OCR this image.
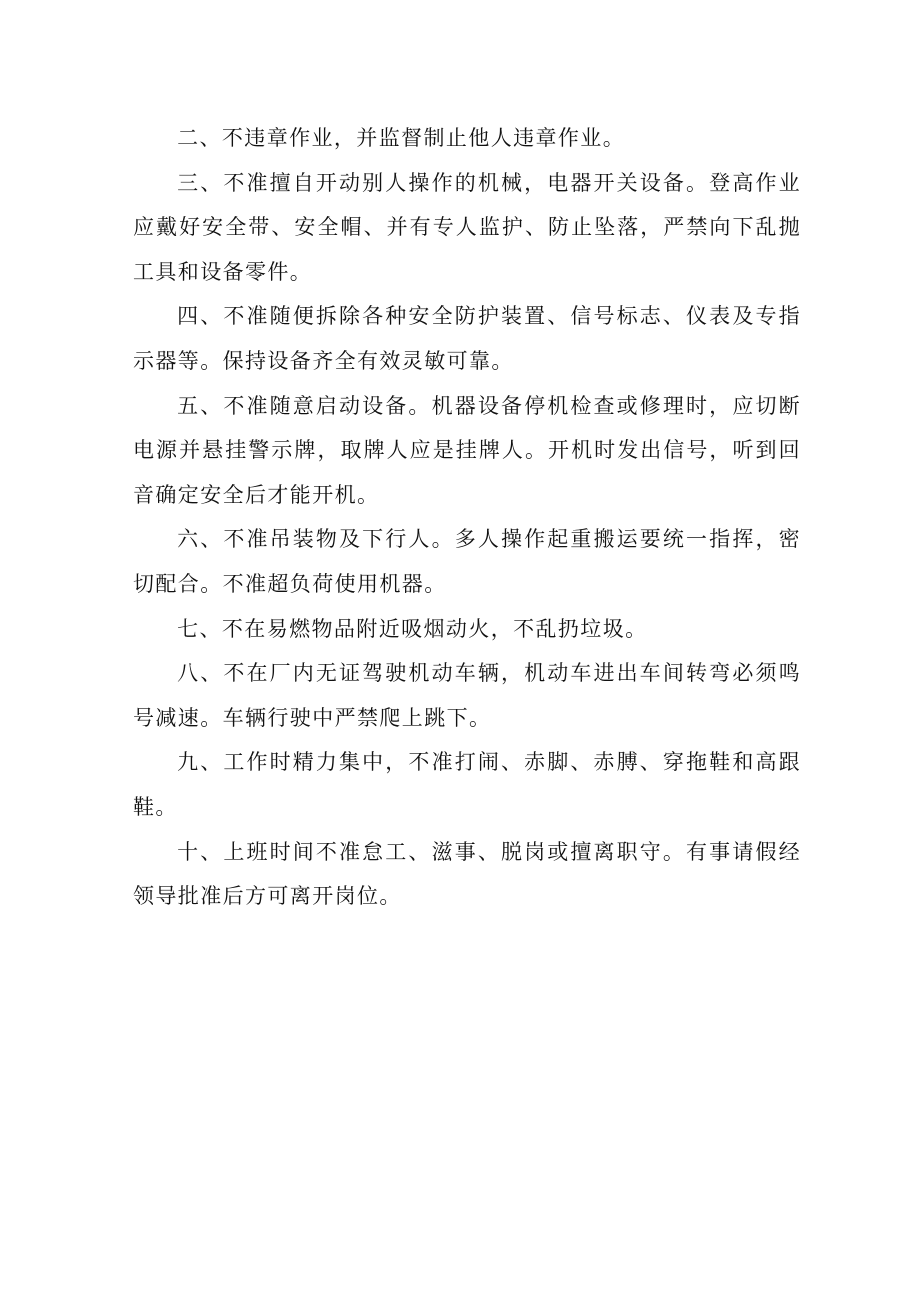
二、不违章作业，并监督制止他人违章作业。

三、不准擅自开动别人操作的机械，电器开关设备。登高作业应戴好安全带、安全帽、并有专人监护、防止坠落，严禁向下乱抛工具和设备零件。

四、不准随便拆除各种安全防护装置、信号标志、仪表及专指示器等。保持设备齐全有效灵敏可靠。

五、不准随意启动设备。机器设备停机检查或修理时，应切断电源并悬挂警示牌，取牌人应是挂牌人。开机时发出信号，听到回音确定安全后才能开机。

六、不准吊装物及下行人。多人操作起重搬运要统一指挥，密切配合。不准超负荷使用机器。

七、不在易燃物品附近吸烟动火，不乱扔垃圾。

八、不在厂内无证驾驶机动车辆，机动车进出车间转弯必须鸣号减速。车辆行驶中严禁爬上跳下。

九、工作时精力集中，不准打闹、赤脚、赤膊、穿拖鞋和高跟鞋。

十、上班时间不准怠工、滋事、脱岗或擅离职守。有事请假经领导批准后方可离开岗位。
